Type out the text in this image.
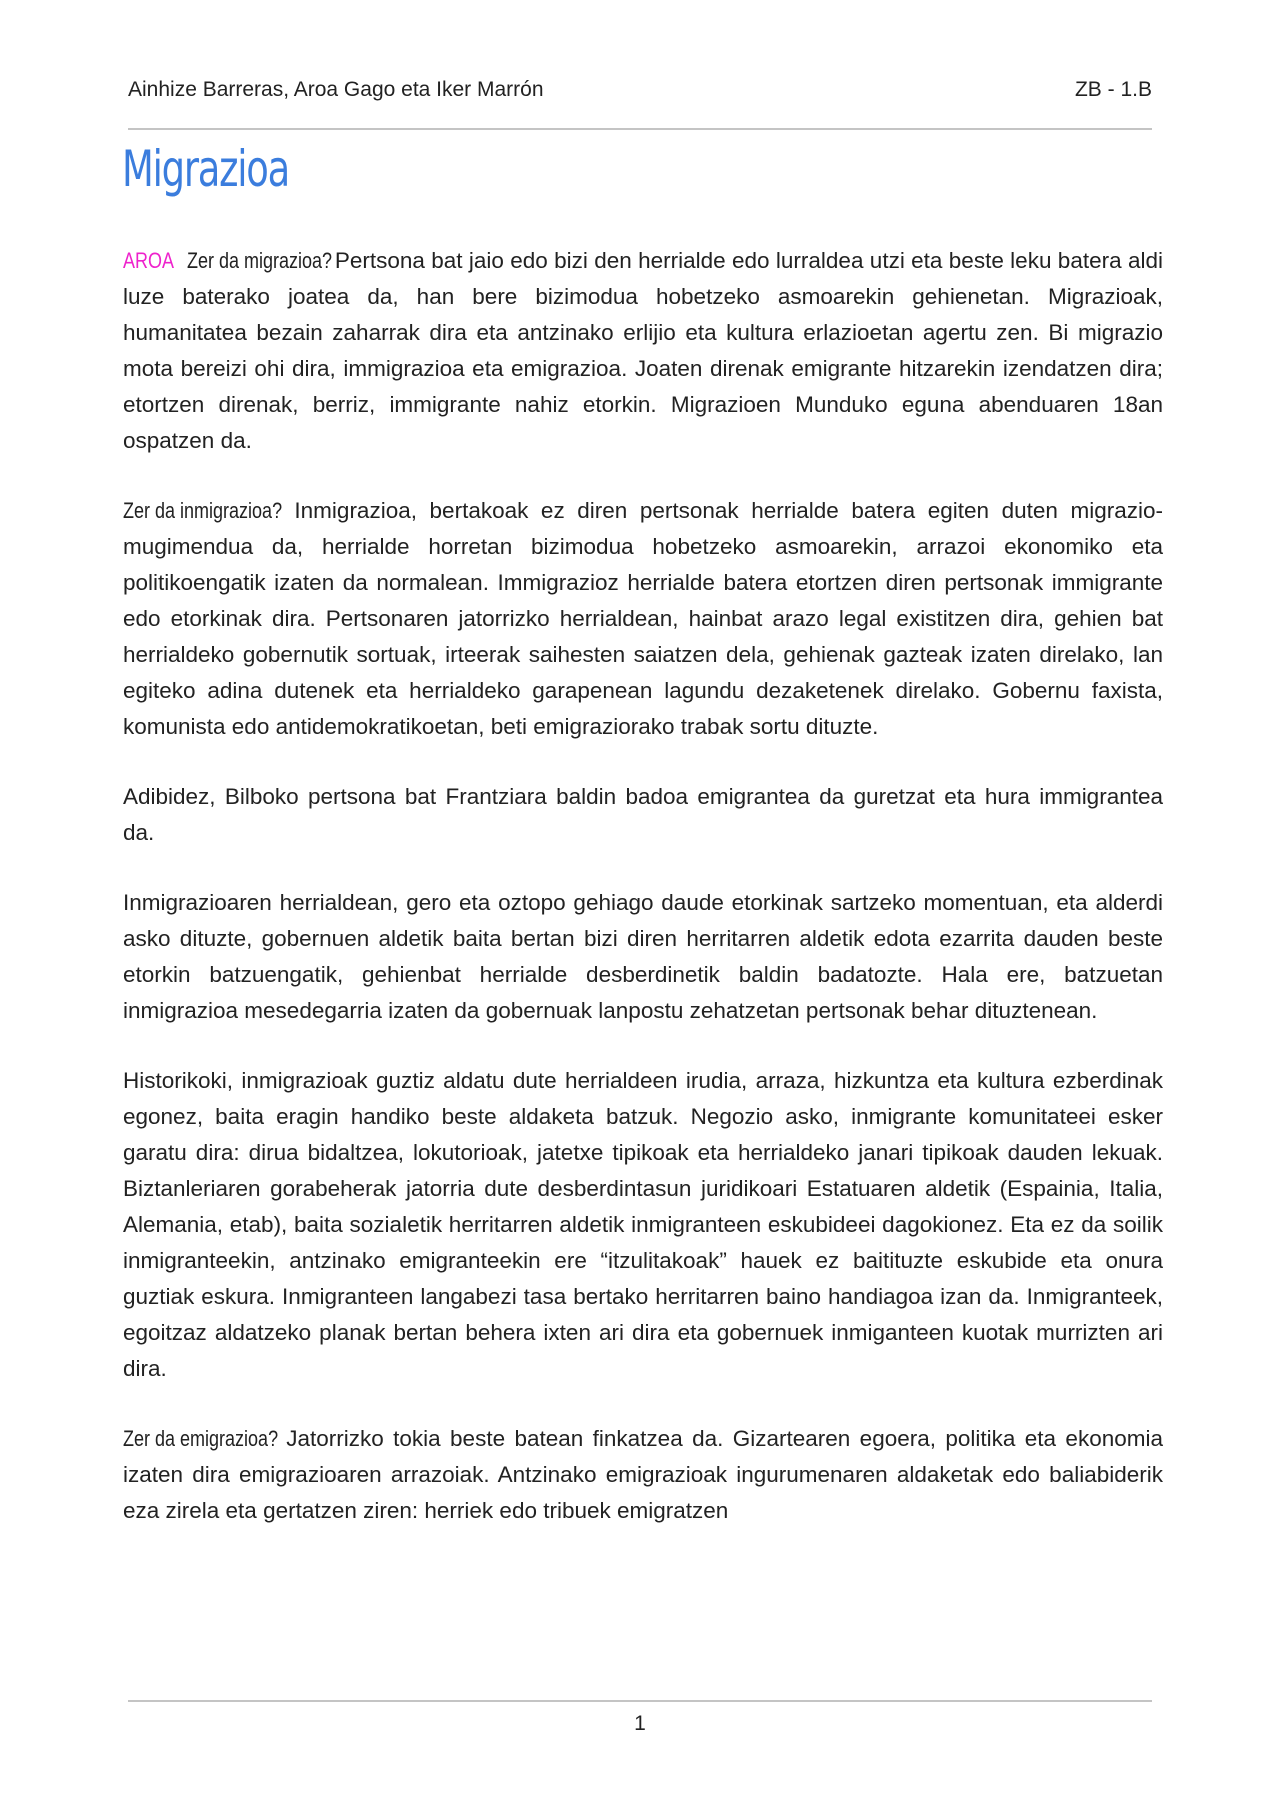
Ainhize Barreras, Aroa Gago eta Iker Marrón	ZB - 1.B
Migrazioa

AROA Zer da migrazioa? Pertsona bat jaio edo bizi den herrialde edo lurraldea utzi eta beste leku batera aldi luze baterako joatea da, han bere bizimodua hobetzeko asmoarekin gehienetan. Migrazioak, humanitatea bezain zaharrak dira eta antzinako erlijio eta kultura erlazioetan agertu zen. Bi migrazio mota bereizi ohi dira, immigrazioa eta emigrazioa. Joaten direnak emigrante hitzarekin izendatzen dira; etortzen direnak, berriz, immigrante nahiz etorkin. Migrazioen Munduko eguna abenduaren 18an ospatzen da.

Zer da inmigrazioa? Inmigrazioa, bertakoak ez diren pertsonak herrialde batera egiten duten migrazio-mugimendua da, herrialde horretan bizimodua hobetzeko asmoarekin, arrazoi ekonomiko eta politikoengatik izaten da normalean. Immigrazioz herrialde batera etortzen diren pertsonak immigrante edo etorkinak dira. Pertsonaren jatorrizko herrialdean, hainbat arazo legal existitzen dira, gehien bat herrialdeko gobernutik sortuak, irteerak saihesten saiatzen dela, gehienak gazteak izaten direlako, lan egiteko adina dutenek eta herrialdeko garapenean lagundu dezaketenek direlako. Gobernu faxista, komunista edo antidemokratikoetan, beti emigraziorako trabak sortu dituzte.

Adibidez, Bilboko pertsona bat Frantziara baldin badoa emigrantea da guretzat eta hura immigrantea da.

Inmigrazioaren herrialdean, gero eta oztopo gehiago daude etorkinak sartzeko momentuan, eta alderdi asko dituzte, gobernuen aldetik baita bertan bizi diren herritarren aldetik edota ezarrita dauden beste etorkin batzuengatik, gehienbat herrialde desberdinetik baldin badatozte. Hala ere, batzuetan inmigrazioa mesedegarria izaten da gobernuak lanpostu zehatzetan pertsonak behar dituztenean.

Historikoki, inmigrazioak guztiz aldatu dute herrialdeen irudia, arraza, hizkuntza eta kultura ezberdinak egonez, baita eragin handiko beste aldaketa batzuk. Negozio asko, inmigrante komunitateei esker garatu dira: dirua bidaltzea, lokutorioak, jatetxe tipikoak eta herrialdeko janari tipikoak dauden lekuak. Biztanleriaren gorabeherak jatorria dute desberdintasun juridikoari Estatuaren aldetik (Espainia, Italia, Alemania, etab), baita sozialetik herritarren aldetik inmigranteen eskubideei dagokionez. Eta ez da soilik inmigranteekin, antzinako emigranteekin ere “itzulitakoak” hauek ez baitituzte eskubide eta onura guztiak eskura. Inmigranteen langabezi tasa bertako herritarren baino handiagoa izan da. Inmigranteek, egoitzaz aldatzeko planak bertan behera ixten ari dira eta gobernuek inmiganteen kuotak murrizten ari dira.

Zer da emigrazioa? Jatorrizko tokia beste batean finkatzea da. Gizartearen egoera, politika eta ekonomia izaten dira emigrazioaren arrazoiak. Antzinako emigrazioak ingurumenaren aldaketak edo baliabiderik eza zirela eta gertatzen ziren: herriek edo tribuek emigratzen

1
